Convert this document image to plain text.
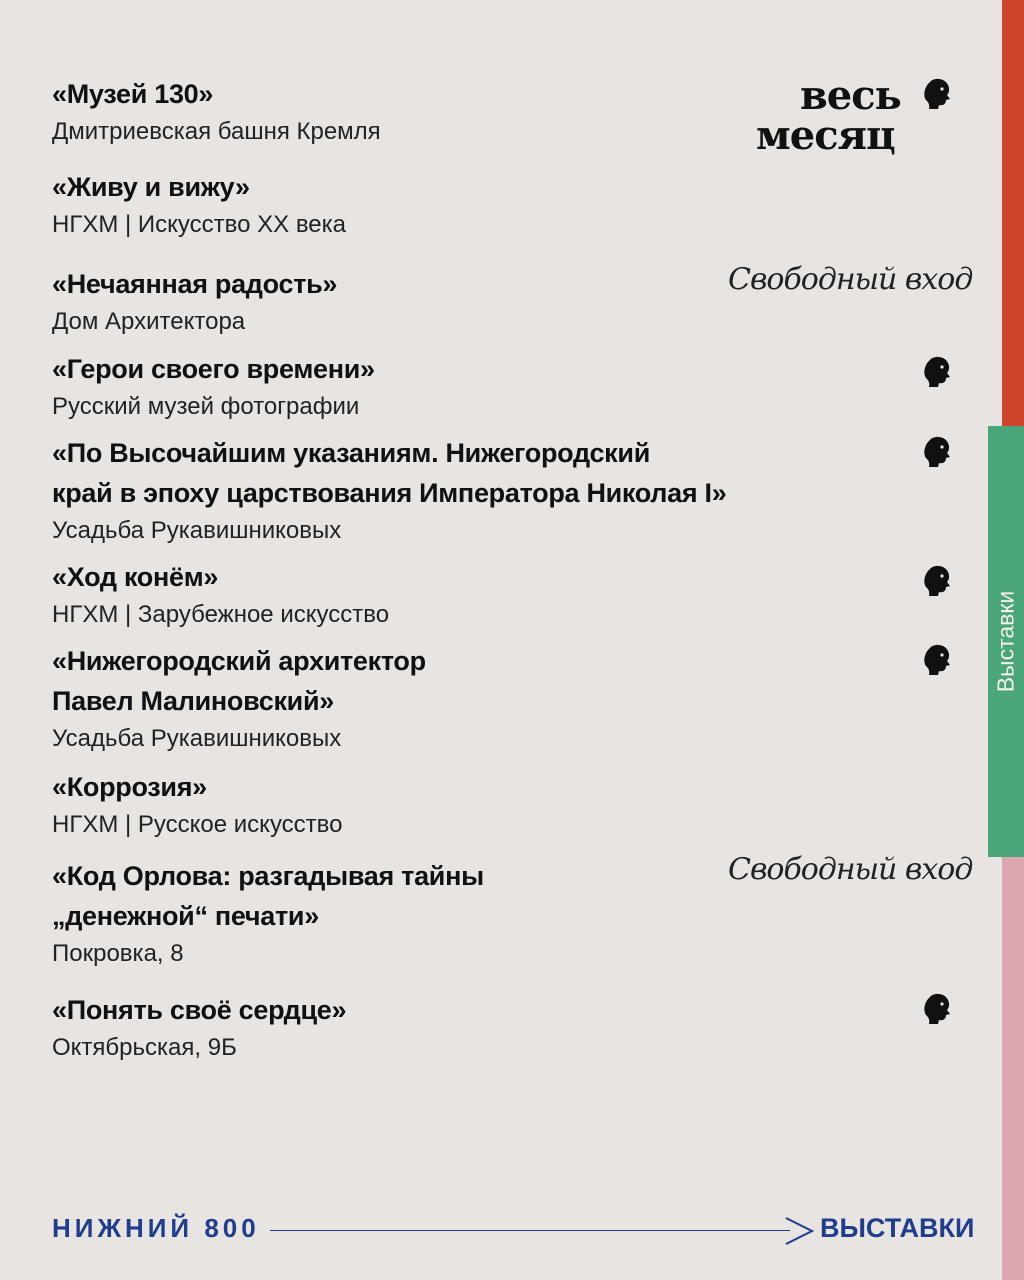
Выставки
весь
месяц
«Музей 130»
Дмитриевская башня Кремля
«Живу и вижу»
НГХМ | Искусство XX века
«Нечаянная радость»
Дом Архитектора
Свободный вход
«Герои своего времени»
Русский музей фотографии
«По Высочайшим указаниям. Нижегородский
край в эпоху царствования Императора Николая I»
Усадьба Рукавишниковых
«Ход конём»
НГХМ | Зарубежное искусство
«Нижегородский архитектор
Павел Малиновский»
Усадьба Рукавишниковых
«Коррозия»
НГХМ | Русское искусство
«Код Орлова: разгадывая тайны
„денежной“ печати»
Покровка, 8
Свободный вход
«Понять своё сердце»
Октябрьская, 9Б
НИЖНИЙ 800	ВЫСТАВКИ
